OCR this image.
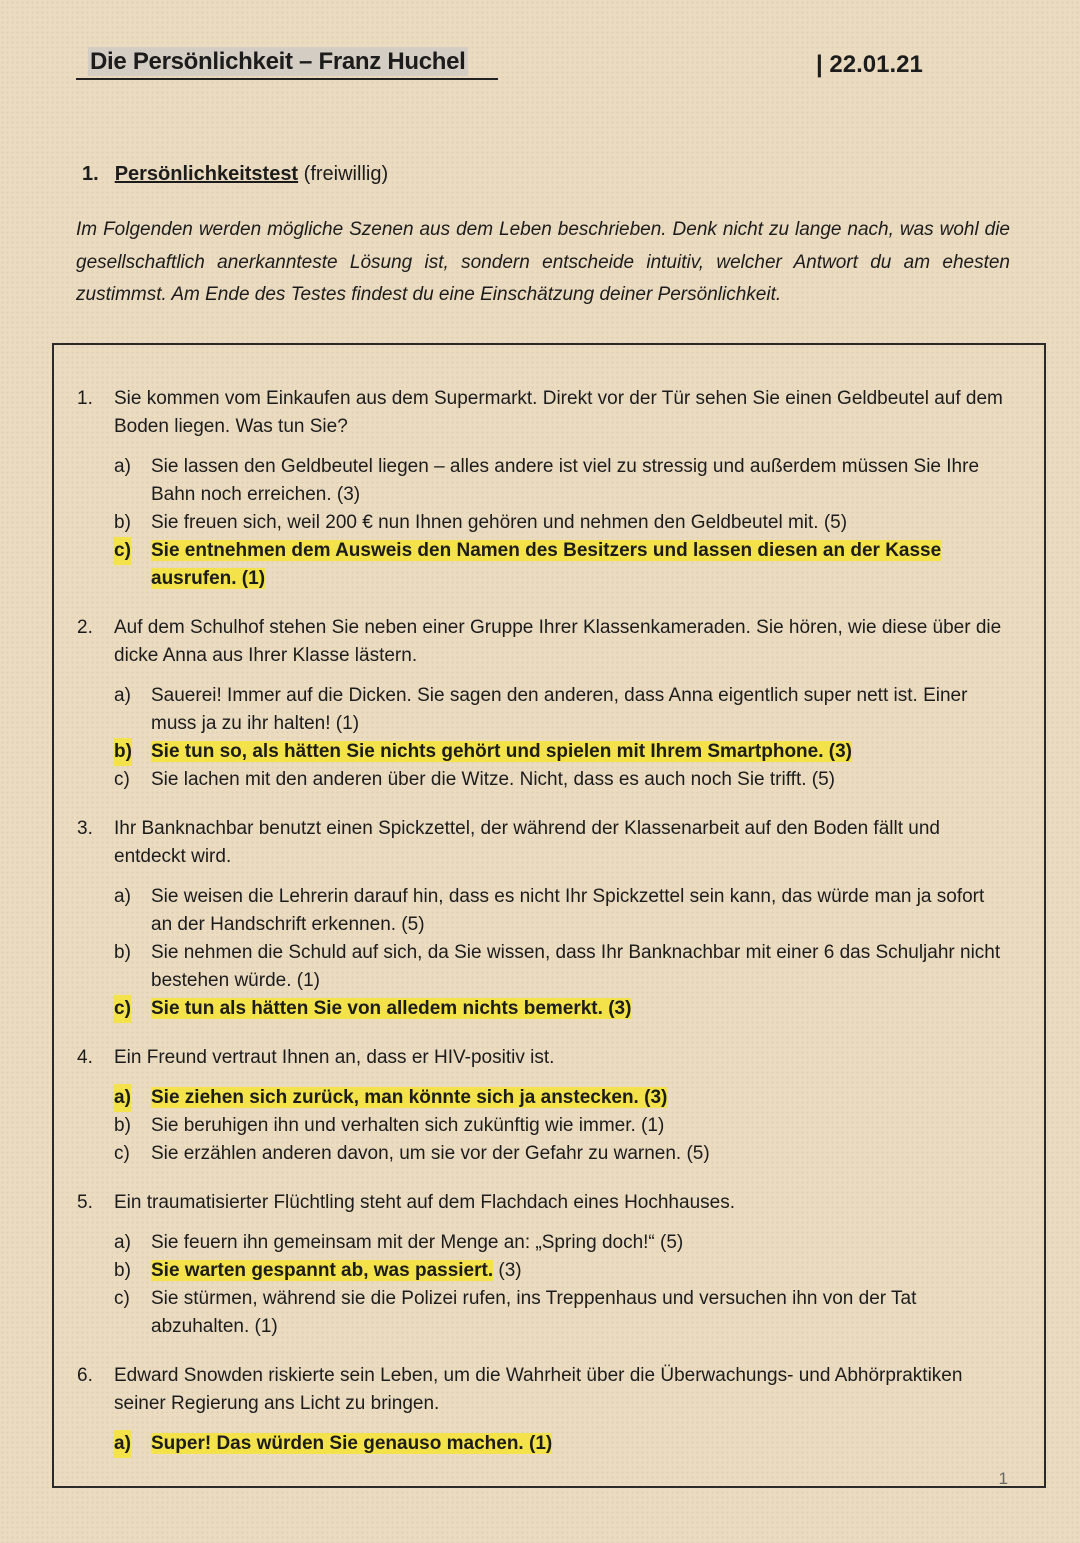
Die Persönlichkeit – Franz Huchel	| 22.01.21
1. Persönlichkeitstest (freiwillig)

Im Folgenden werden mögliche Szenen aus dem Leben beschrieben. Denk nicht zu lange nach, was wohl die gesellschaftlich anerkannteste Lösung ist, sondern entscheide intuitiv, welcher Antwort du am ehesten zustimmst. Am Ende des Testes findest du eine Einschätzung deiner Persönlichkeit.

1. Sie kommen vom Einkaufen aus dem Supermarkt. Direkt vor der Tür sehen Sie einen Geldbeutel auf dem Boden liegen. Was tun Sie?
a) Sie lassen den Geldbeutel liegen – alles andere ist viel zu stressig und außerdem müssen Sie Ihre Bahn noch erreichen. (3)
b) Sie freuen sich, weil 200 € nun Ihnen gehören und nehmen den Geldbeutel mit. (5)
c) Sie entnehmen dem Ausweis den Namen des Besitzers und lassen diesen an der Kasse ausrufen. (1)
2. Auf dem Schulhof stehen Sie neben einer Gruppe Ihrer Klassenkameraden. Sie hören, wie diese über die dicke Anna aus Ihrer Klasse lästern.
a) Sauerei! Immer auf die Dicken. Sie sagen den anderen, dass Anna eigentlich super nett ist. Einer muss ja zu ihr halten! (1)
b) Sie tun so, als hätten Sie nichts gehört und spielen mit Ihrem Smartphone. (3)
c) Sie lachen mit den anderen über die Witze. Nicht, dass es auch noch Sie trifft. (5)
3. Ihr Banknachbar benutzt einen Spickzettel, der während der Klassenarbeit auf den Boden fällt und entdeckt wird.
a) Sie weisen die Lehrerin darauf hin, dass es nicht Ihr Spickzettel sein kann, das würde man ja sofort an der Handschrift erkennen. (5)
b) Sie nehmen die Schuld auf sich, da Sie wissen, dass Ihr Banknachbar mit einer 6 das Schuljahr nicht bestehen würde. (1)
c) Sie tun als hätten Sie von alledem nichts bemerkt. (3)
4. Ein Freund vertraut Ihnen an, dass er HIV-positiv ist.
a) Sie ziehen sich zurück, man könnte sich ja anstecken. (3)
b) Sie beruhigen ihn und verhalten sich zukünftig wie immer. (1)
c) Sie erzählen anderen davon, um sie vor der Gefahr zu warnen. (5)
5. Ein traumatisierter Flüchtling steht auf dem Flachdach eines Hochhauses.
a) Sie feuern ihn gemeinsam mit der Menge an: „Spring doch!“ (5)
b) Sie warten gespannt ab, was passiert. (3)
c) Sie stürmen, während sie die Polizei rufen, ins Treppenhaus und versuchen ihn von der Tat abzuhalten. (1)
6. Edward Snowden riskierte sein Leben, um die Wahrheit über die Überwachungs- und Abhörpraktiken seiner Regierung ans Licht zu bringen.
a) Super! Das würden Sie genauso machen. (1)
1
